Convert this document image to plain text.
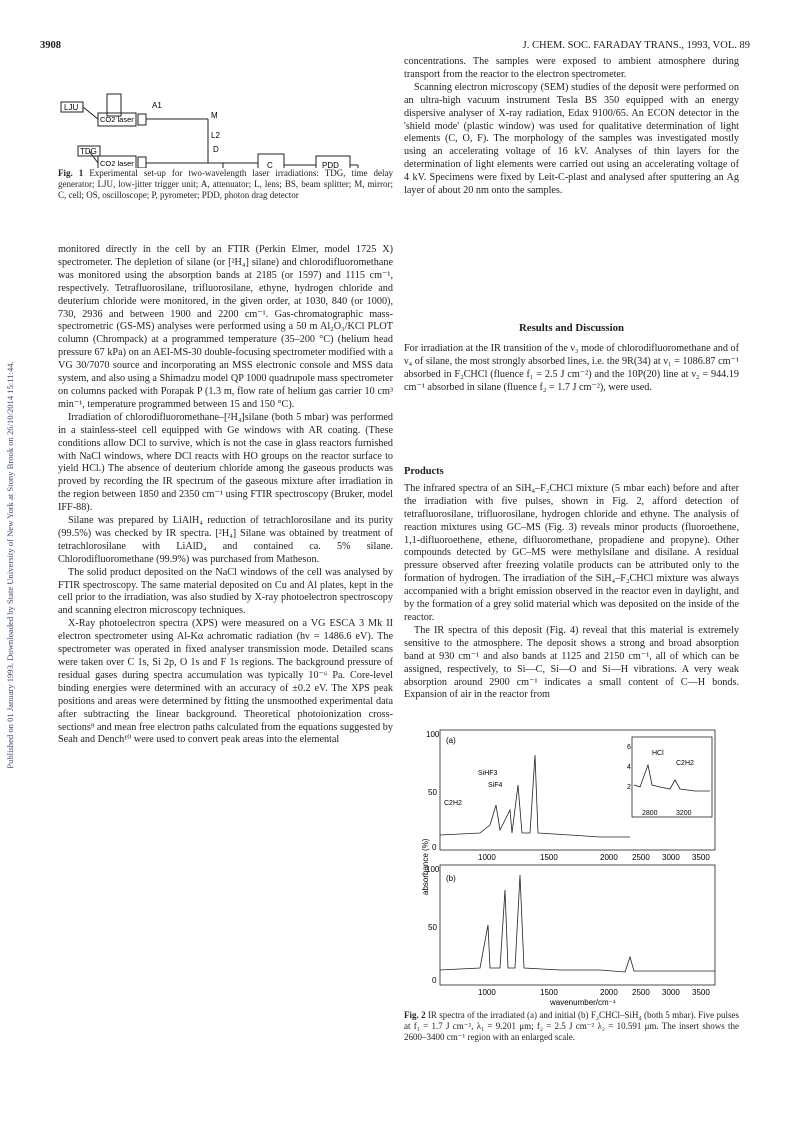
3908	J. CHEM. SOC. FARADAY TRANS., 1993, VOL. 89
Published on 01 January 1993. Downloaded by State University of New York at Stony Brook on 26/10/2014 15:11:44.
LJU
CO2 laser
A1
M
L2
D
TDG
CO2 laser	C	PDD
Fig. 1 Experimental set-up for two-wavelength laser irradiations: TDG, time delay generator; LJU, low-jitter trigger unit; A, attenuator; L, lens; BS, beam splitter; M, mirror; C, cell; OS, oscilloscope; P, pyrometer; PDD, photon drag detector

monitored directly in the cell by an FTIR (Perkin Elmer, model 1725 X) spectrometer. The depletion of silane (or [²H₄] silane) and chlorodifluoromethane was monitored using the absorption bands at 2185 (or 1597) and 1115 cm⁻¹, respectively. Tetrafluorosilane, trifluorosilane, ethyne, hydrogen chloride and deuterium chloride were monitored, in the given order, at 1030, 840 (or 1000), 730, 2936 and between 1900 and 2200 cm⁻¹. Gas-chromatographic mass-spectrometric (GS-MS) analyses were performed using a 50 m Al₂O₃/KCl PLOT column (Chrompack) at a programmed temperature (35–200 °C) (helium head pressure 67 kPa) on an AEI-MS-30 double-focusing spectrometer modified with a VG 30/7070 source and incorporating an MSS electronic console and MSS data system, and also using a Shimadzu model QP 1000 quadrupole mass spectrometer on columns packed with Porapak P (1.3 m, flow rate of helium gas carrier 10 cm³ min⁻¹, temperature programmed between 15 and 150 °C).

Irradiation of chlorodifluoromethane–[²H₄]silane (both 5 mbar) was performed in a stainless-steel cell equipped with Ge windows with AR coating. (These conditions allow DCl to survive, which is not the case in glass reactors furnished with NaCl windows, where DCl reacts with HO groups on the reactor surface to yield HCl.) The absence of deuterium chloride among the gaseous products was proved by recording the IR spectrum of the gaseous mixture after irradiation in the region between 1850 and 2350 cm⁻¹ using FTIR spectroscopy (Bruker, model IFF-88).

Silane was prepared by LiAlH₄ reduction of tetrachlorosilane and its purity (99.5%) was checked by IR spectra. [²H₄] Silane was obtained by treatment of tetrachlorosilane with LiAlD₄ and contained ca. 5% silane. Chlorodifluoromethane (99.9%) was purchased from Matheson.

The solid product deposited on the NaCl windows of the cell was analysed by FTIR spectroscopy. The same material deposited on Cu and Al plates, kept in the cell prior to the irradiation, was also studied by X-ray photoelectron spectroscopy and scanning electron microscopy techniques.

X-Ray photoelectron spectra (XPS) were measured on a VG ESCA 3 Mk II electron spectrometer using Al-Kα achromatic radiation (hν = 1486.6 eV). The spectrometer was operated in fixed analyser transmission mode. Detailed scans were taken over C 1s, Si 2p, O 1s and F 1s regions. The background pressure of residual gases during spectra accumulation was typically 10⁻⁶ Pa. Core-level binding energies were determined with an accuracy of ±0.2 eV. The XPS peak positions and areas were determined by fitting the unsmoothed experimental data after subtracting the linear background. Theoretical photoionization cross-sections⁹ and mean free electron paths calculated from the equations suggested by Seah and Dench¹⁰ were used to convert peak areas into the elemental

concentrations. The samples were exposed to ambient atmosphere during transport from the reactor to the electron spectrometer.

Scanning electron microscopy (SEM) studies of the deposit were performed on an ultra-high vacuum instrument Tesla BS 350 equipped with an energy dispersive analyser of X-ray radiation, Edax 9100/65. An ECON detector in the 'shield mode' (plastic window) was used for qualitative determination of light elements (C, O, F). The morphology of the samples was investigated mostly using an accelerating voltage of 16 kV. Analyses of thin layers for the determination of light elements were carried out using an accelerating voltage of 4 kV. Specimens were fixed by Leit-C-plast and analysed after sputtering an Ag layer of about 20 nm onto the samples.

Results and Discussion

For irradiation at the IR transition of the ν₃ mode of chlorodifluoromethane and of ν₄ of silane, the most strongly absorbed lines, i.e. the 9R(34) at ν₁ = 1086.87 cm⁻¹ absorbed in F₂CHCl (fluence f₁ = 2.5 J cm⁻²) and the 10P(20) line at ν₂ = 944.19 cm⁻¹ absorbed in silane (fluence f₂ = 1.7 J cm⁻²), were used.

Products

The infrared spectra of an SiH₄–F₂CHCl mixture (5 mbar each) before and after the irradiation with five pulses, shown in Fig. 2, afford detection of tetrafluorosilane, trifluorosilane, hydrogen chloride and ethyne. The analysis of reaction mixtures using GC–MS (Fig. 3) reveals minor products (fluoroethene, 1,1-difluoroethene, ethene, difluoromethane, propadiene and propyne). Other compounds detected by GC–MS were methylsilane and disilane. A residual pressure observed after freezing volatile products can be attributed only to the formation of hydrogen. The irradiation of the SiH₄–F₂CHCl mixture was always accompanied with a bright emission observed in the reactor even in daylight, and by the formation of a grey solid material which was deposited on the inside of the reactor.

The IR spectra of this deposit (Fig. 4) reveal that this material is extremely sensitive to the atmosphere. The deposit shows a strong and broad absorption band at 930 cm⁻¹ and also bands at 1125 and 2150 cm⁻¹, all of which can be assigned, respectively, to Si—C, Si—O and Si—H vibrations. A very weak absorption around 2900 cm⁻¹ indicates a small content of C—H bonds. Expansion of air in the reactor from

100
50
0
(a)
SiHF3
SiF4
C2H2
HCl
C2H2
6
4
2
2800	3200
1000	1500	2000 2500 3000 3500
100
50
0
(b)
1000	1500	2000 2500 3000 3500
wavenumber/cm⁻¹
absorbance (%)
Fig. 2 IR spectra of the irradiated (a) and initial (b) F₂CHCl–SiH₄ (both 5 mbar). Five pulses at f₁ = 1.7 J cm⁻², λ₁ = 9.201 μm; f₂ = 2.5 J cm⁻² λ₂ = 10.591 μm. The insert shows the 2600–3400 cm⁻¹ region with an enlarged scale.
